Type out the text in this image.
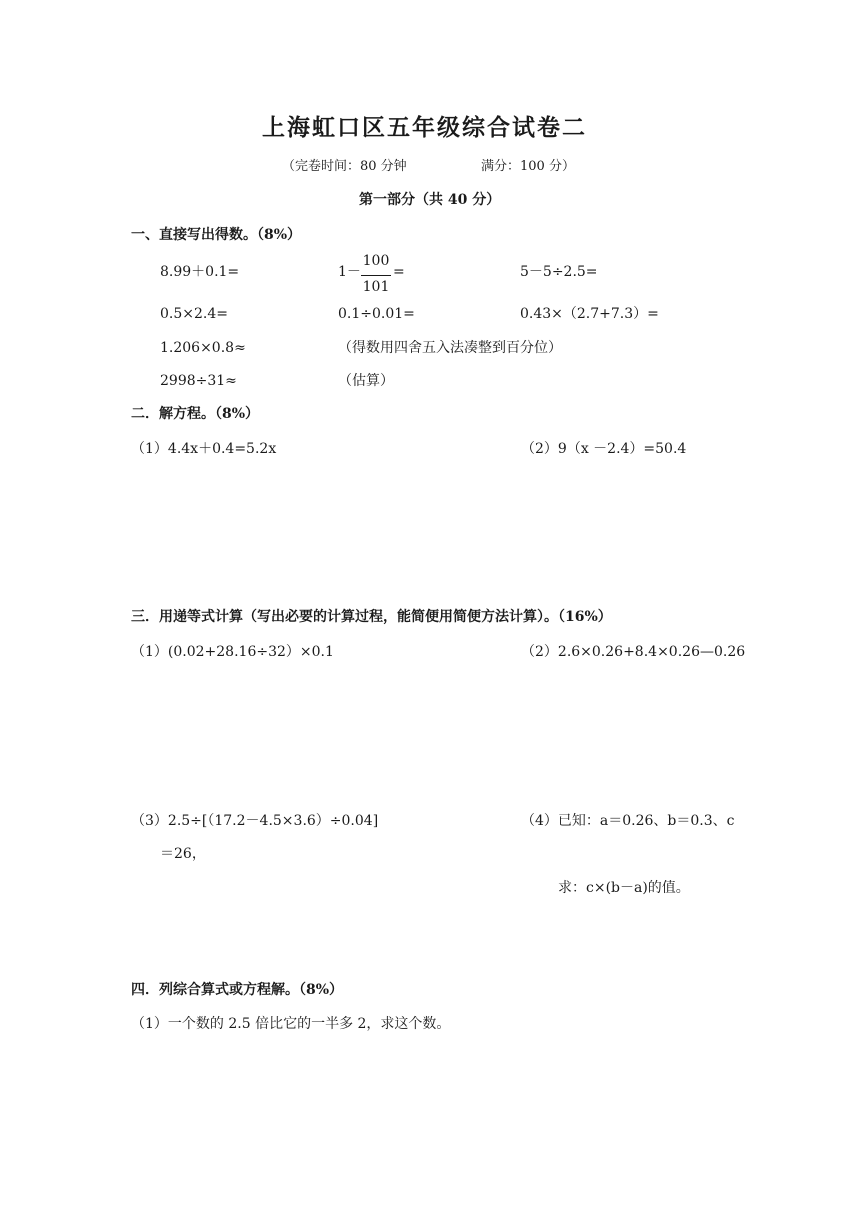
上海虹口区五年级综合试卷二
（完卷时间：80 分钟	满分：100 分）
第一部分（共 40 分）
一、直接写出得数。（8%）
8.99＋0.1=	1－
100
101
=	5－5÷2.5=
0.5×2.4=	0.1÷0.01=	0.43×（2.7+7.3）=
1.206×0.8≈	（得数用四舍五入法凑整到百分位）
2998÷31≈	（估算）
二．解方程。（8%）
（1）4.4x＋0.4=5.2x	（2）9（x －2.4）=50.4
三．用递等式计算（写出必要的计算过程，能简便用简便方法计算）。（16%）
（1）(0.02+28.16÷32）×0.1	（2）2.6×0.26+8.4×0.26—0.26
（3）2.5÷[（17.2－4.5×3.6）÷0.04]	（4）已知：a＝0.26、b＝0.3、c
＝26，
求：c×(b－a)的值。
四．列综合算式或方程解。（8%）
（1）一个数的 2.5 倍比它的一半多 2，求这个数。
